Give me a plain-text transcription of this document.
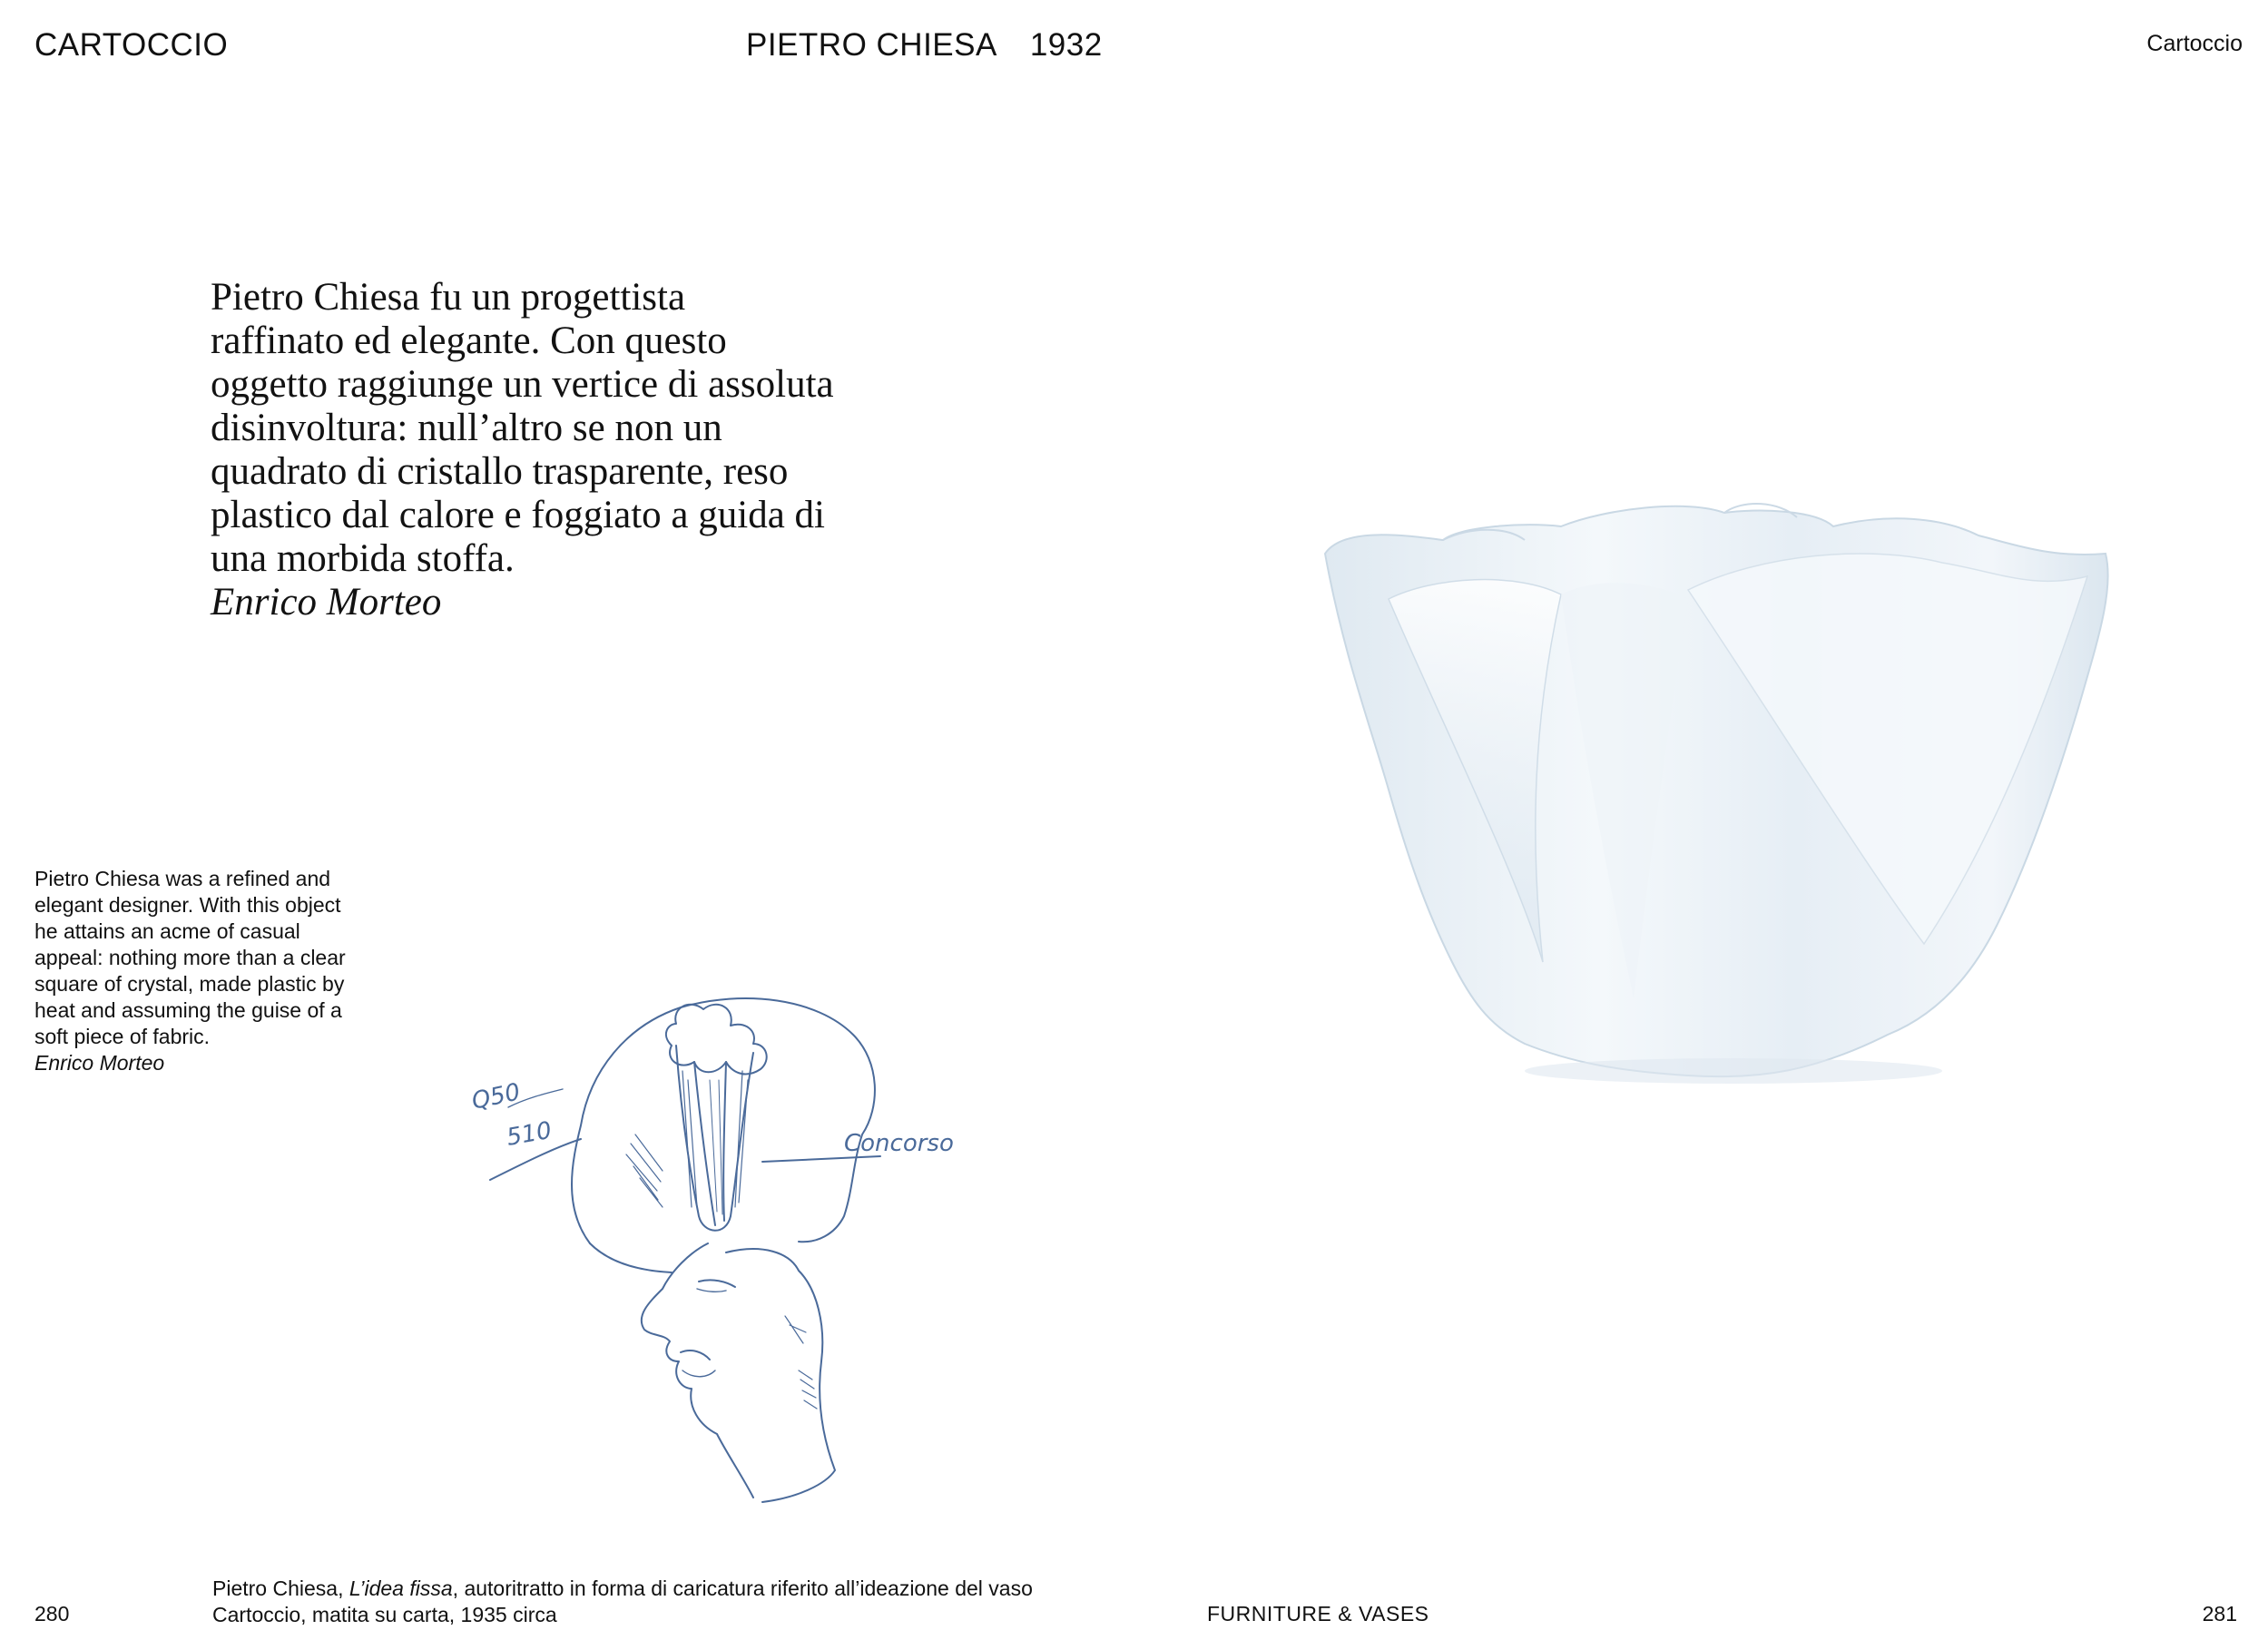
CARTOCCIO	PIETRO CHIESA 1932	Cartoccio

Pietro Chiesa fu un progettista

raffinato ed elegante. Con questo

oggetto raggiunge un vertice di assoluta

disinvoltura: null’altro se non un

quadrato di cristallo trasparente, reso

plastico dal calore e foggiato a guida di

una morbida stoffa.

Enrico Morteo

Pietro Chiesa was a refined and

elegant designer. With this object

he attains an acme of casual

appeal: nothing more than a clear

square of crystal, made plastic by

heat and assuming the guise of a

soft piece of fabric.

Enrico Morteo

Q50
510	Concorso
Pietro Chiesa, L’idea fissa, autoritratto in forma di caricatura riferito all’ideazione del vaso
Cartoccio, matita su carta, 1935 circa
280	FURNITURE & VASES	281
